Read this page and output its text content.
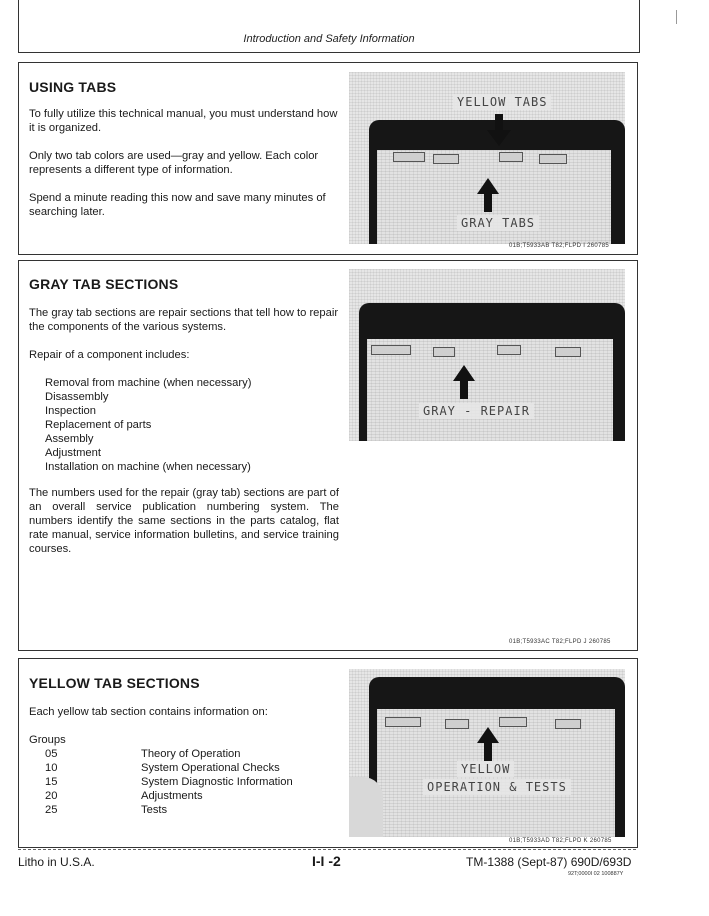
Introduction and Safety Information
USING TABS
To fully utilize this technical manual, you must understand how it is organized.
Only two tab colors are used—gray and yellow. Each color represents a different type of information.
Spend a minute reading this now and save many minutes of searching later.
YELLOW TABS
GRAY TABS
01B;T5933AB T82;FLPD I 260785
GRAY TAB SECTIONS
The gray tab sections are repair sections that tell how to repair the components of the various systems.
Repair of a component includes:
Removal from machine (when necessary)
Disassembly
Inspection
Replacement of parts
Assembly
Adjustment
Installation on machine (when necessary)
The numbers used for the repair (gray tab) sections are part of an overall service publication numbering system. The numbers identify the same sections in the parts catalog, flat rate manual, service information bulletins, and service training courses.
GRAY - REPAIR
01B;T5933AC T82;FLPD J 260785
YELLOW TAB SECTIONS
Each yellow tab section contains information on:
Groups
05	Theory of Operation
10	System Operational Checks
15	System Diagnostic Information
20	Adjustments
25	Tests
YELLOW
OPERATION & TESTS
01B;T5933AD T82;FLPD K 260785
Litho in U.S.A.	I-I -2	TM-1388 (Sept-87) 690D/693D
92T;0000I 02 100887Y
